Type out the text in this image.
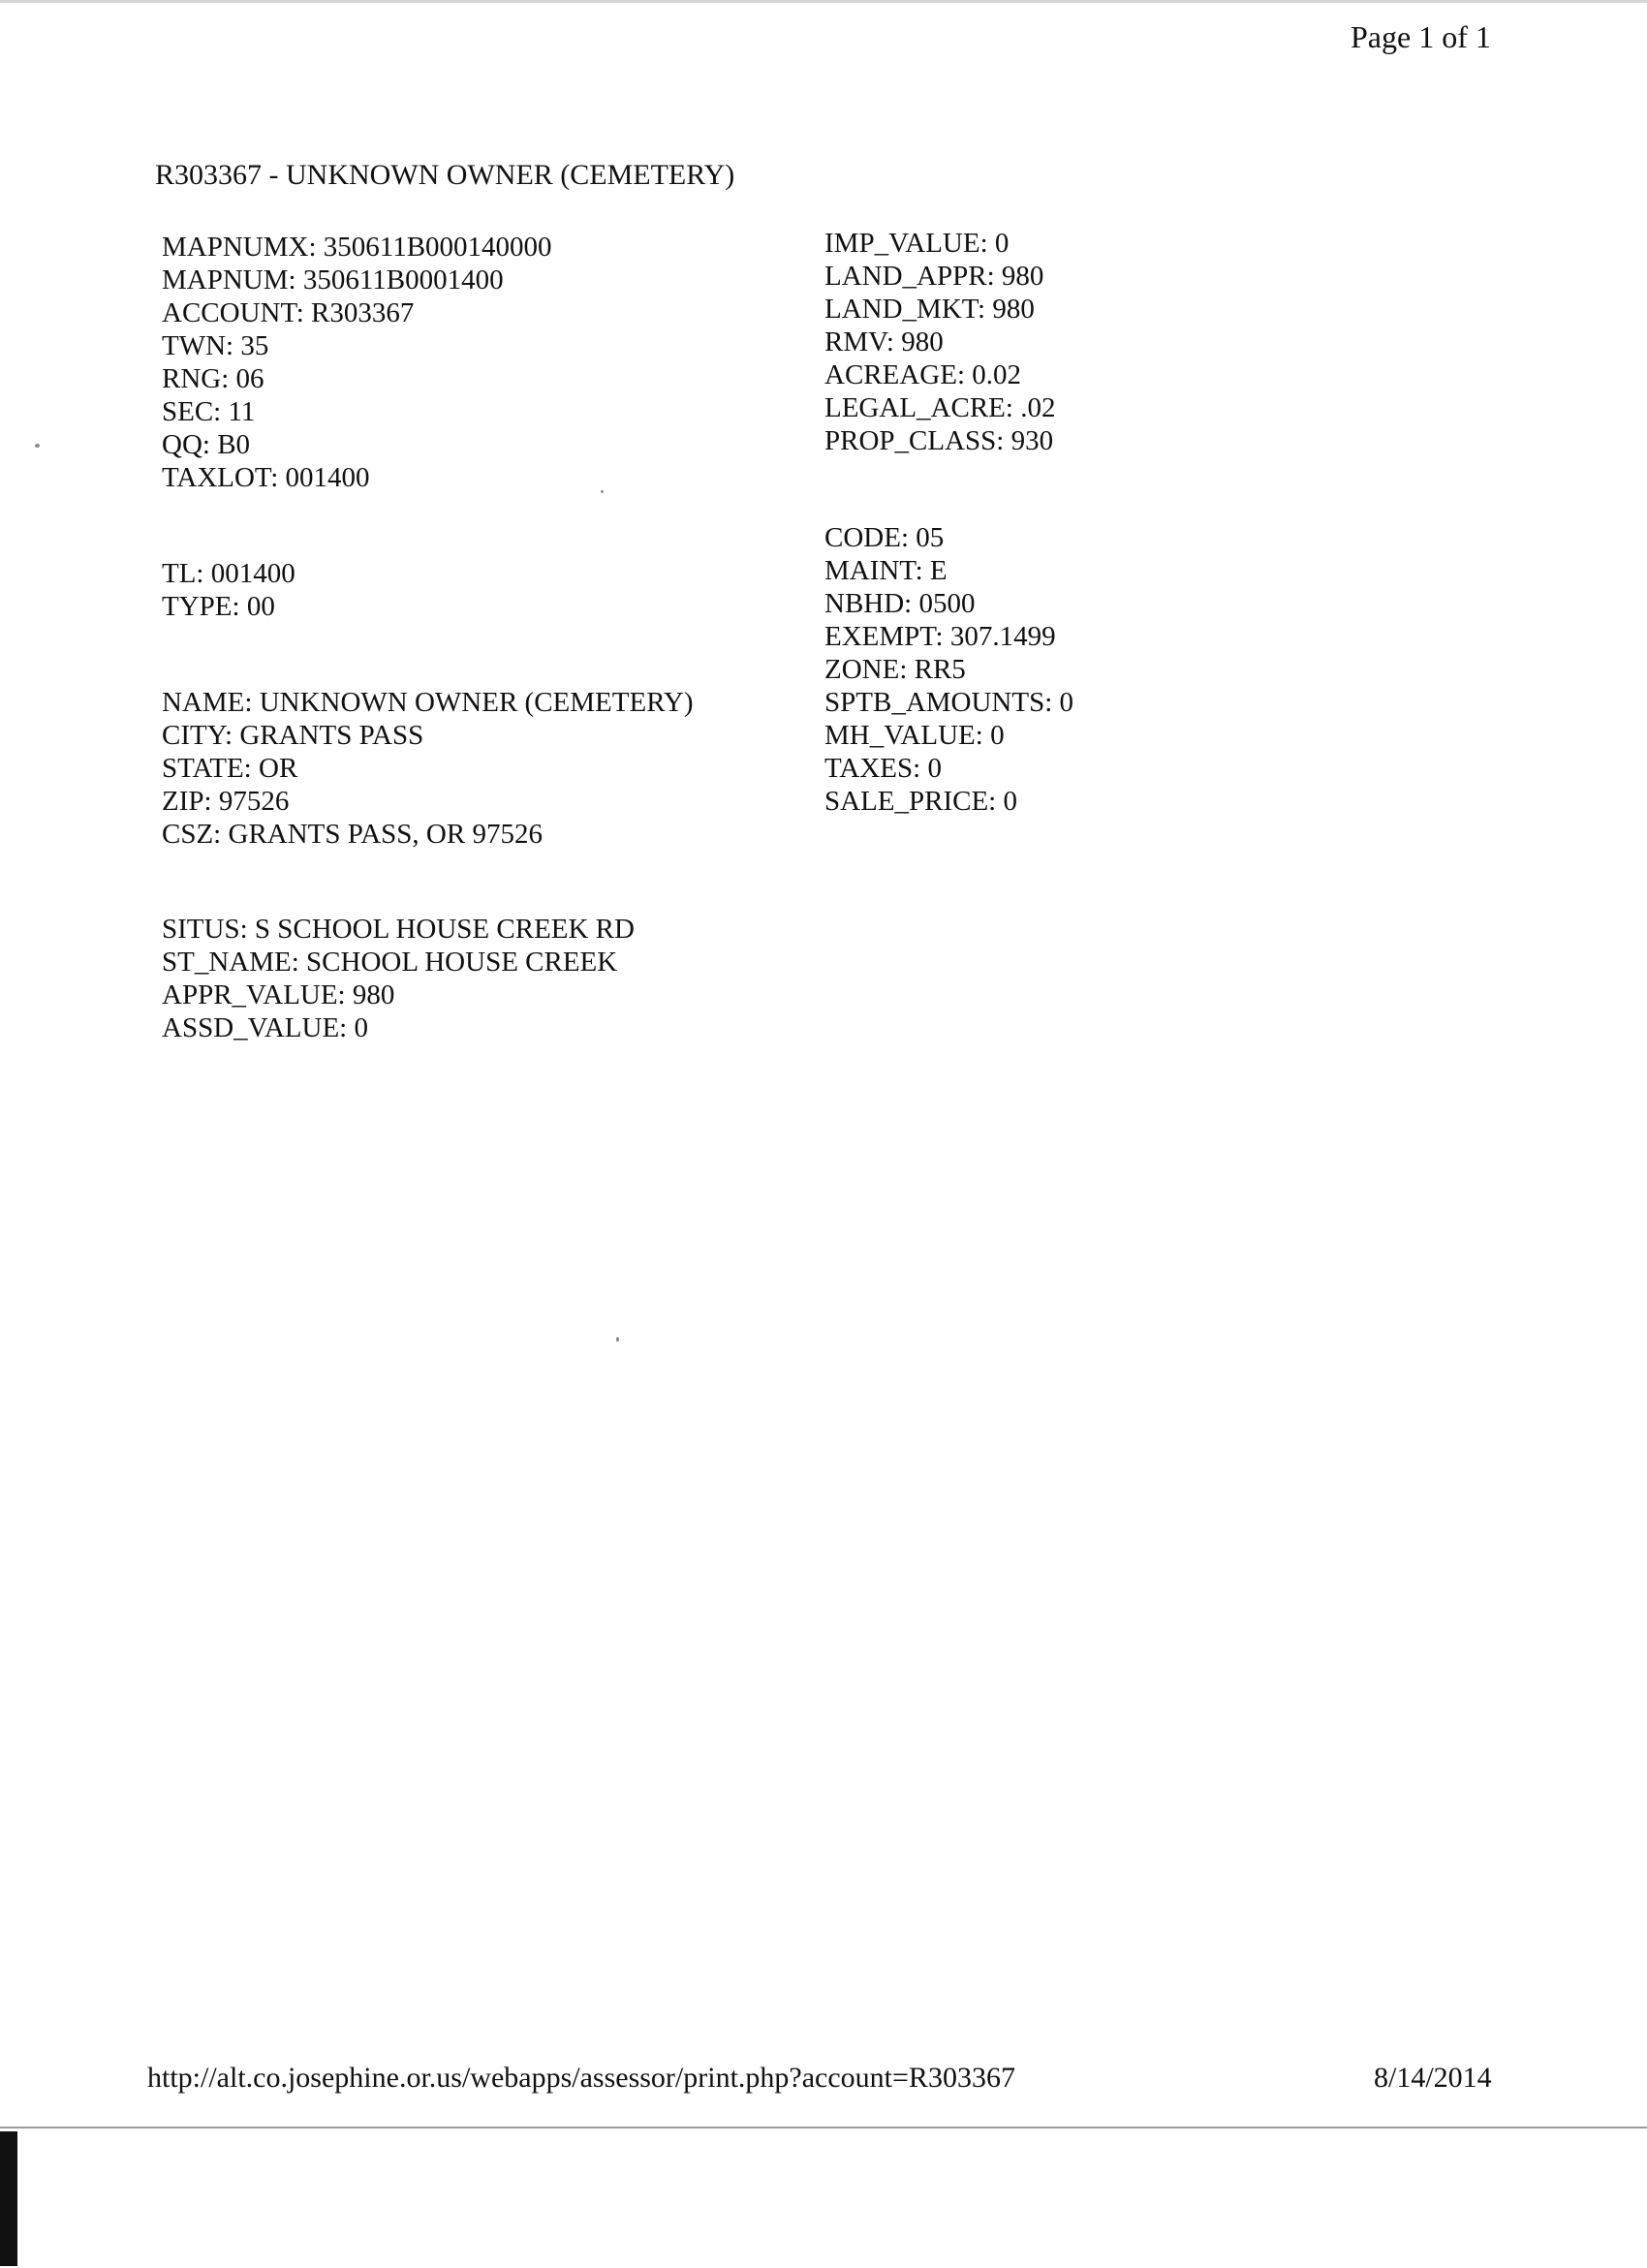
Page 1 of 1
R303367 - UNKNOWN OWNER (CEMETERY)
MAPNUMX: 350611B000140000
MAPNUM: 350611B0001400
ACCOUNT: R303367
TWN: 35
RNG: 06
SEC: 11
QQ: B0
TAXLOT: 001400
TL: 001400
TYPE: 00
NAME: UNKNOWN OWNER (CEMETERY)
CITY: GRANTS PASS
STATE: OR
ZIP: 97526
CSZ: GRANTS PASS, OR 97526
SITUS: S SCHOOL HOUSE CREEK RD
ST_NAME: SCHOOL HOUSE CREEK
APPR_VALUE: 980
ASSD_VALUE: 0
IMP_VALUE: 0
LAND_APPR: 980
LAND_MKT: 980
RMV: 980
ACREAGE: 0.02
LEGAL_ACRE: .02
PROP_CLASS: 930
CODE: 05
MAINT: E
NBHD: 0500
EXEMPT: 307.1499
ZONE: RR5
SPTB_AMOUNTS: 0
MH_VALUE: 0
TAXES: 0
SALE_PRICE: 0
http://alt.co.josephine.or.us/webapps/assessor/print.php?account=R303367	8/14/2014
